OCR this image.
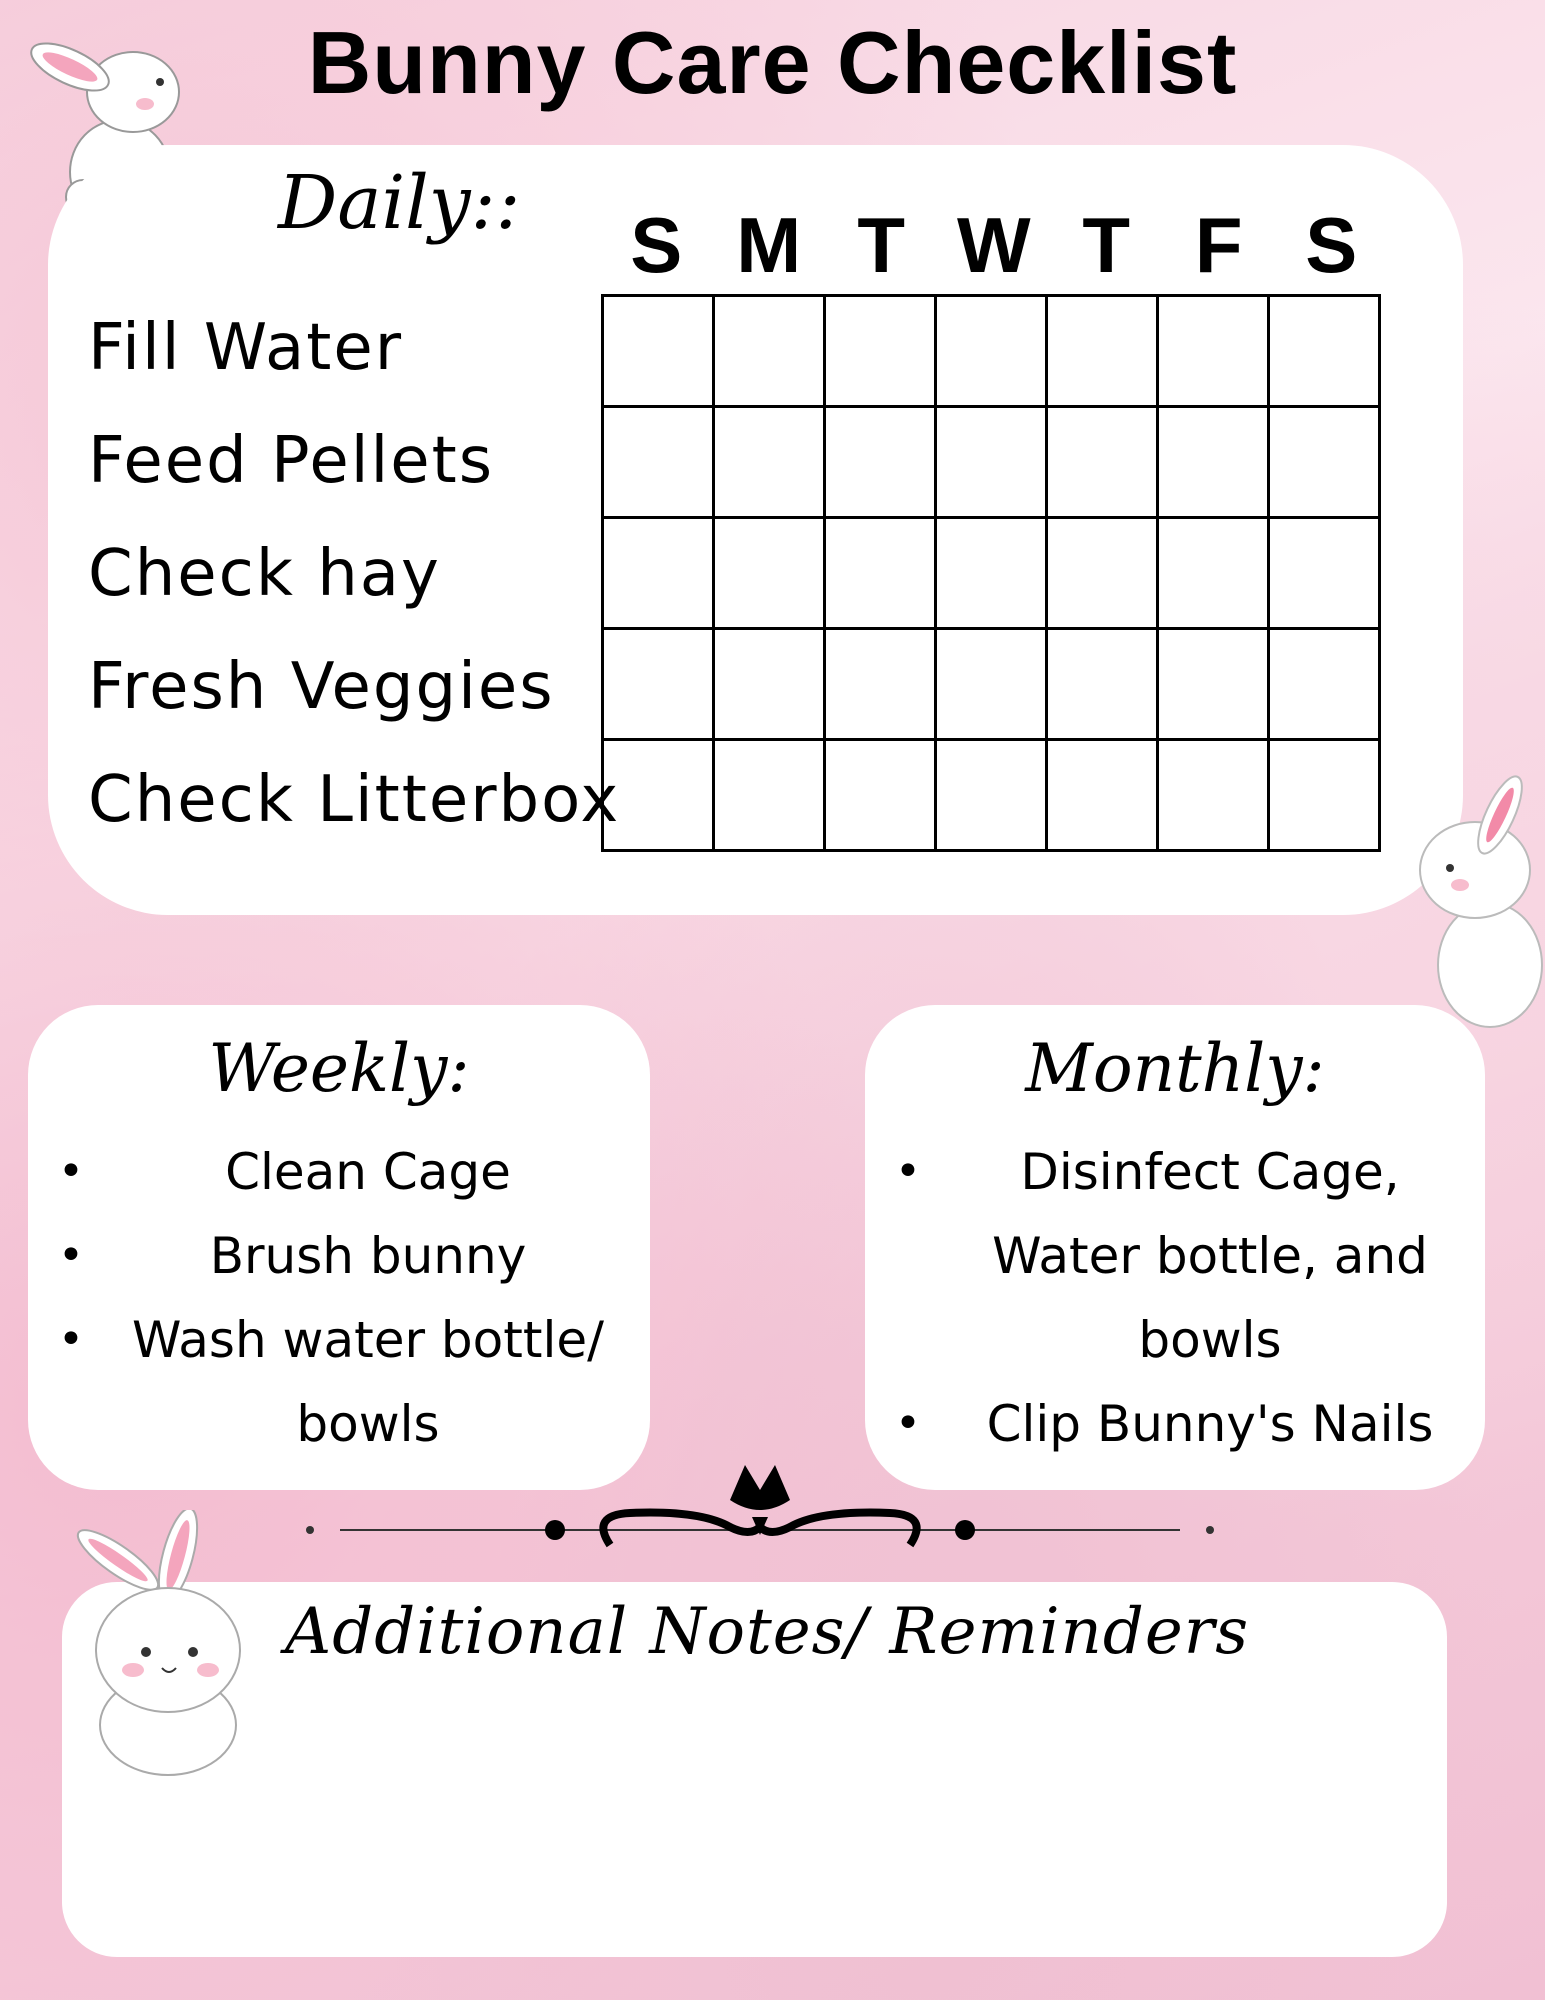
Bunny Care Checklist
Daily::	S M T W T F S
Fill Water
Feed Pellets
Check hay
Fresh Veggies
Check Litterbox

Weekly:
•	Clean Cage
•	Brush bunny
• Wash water bottle/ bowls
Monthly:
• Disinfect Cage, Water bottle, and bowls
• Clip Bunny's Nails
Additional Notes/ Reminders
